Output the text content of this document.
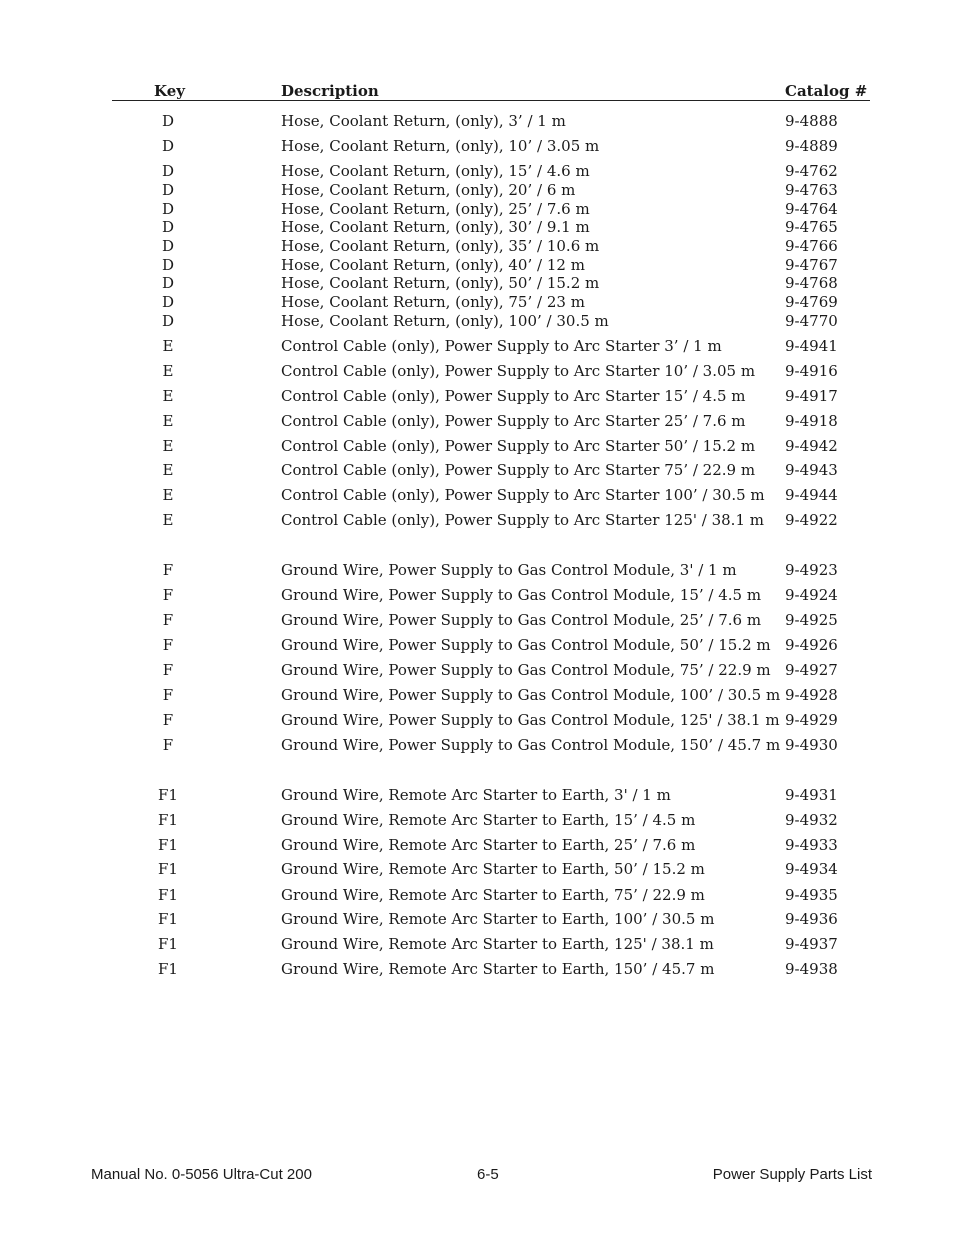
Key	Description	Catalog #
D	Hose, Coolant Return, (only), 3’ / 1 m	9-4888
D	Hose, Coolant Return, (only), 10’ / 3.05 m	9-4889
D	Hose, Coolant Return, (only), 15’ / 4.6 m	9-4762
D	Hose, Coolant Return, (only), 20’ / 6 m	9-4763
D	Hose, Coolant Return, (only), 25’ / 7.6 m	9-4764
D	Hose, Coolant Return, (only), 30’ / 9.1 m	9-4765
D	Hose, Coolant Return, (only), 35’ / 10.6 m	9-4766
D	Hose, Coolant Return, (only), 40’ / 12 m	9-4767
D	Hose, Coolant Return, (only), 50’ / 15.2 m	9-4768
D	Hose, Coolant Return, (only), 75’ / 23 m	9-4769
D	Hose, Coolant Return, (only), 100’ / 30.5 m	9-4770
E	Control Cable (only), Power Supply to Arc Starter 3’ / 1 m	9-4941
E	Control Cable (only), Power Supply to Arc Starter 10’ / 3.05 m 9-4916
E	Control Cable (only), Power Supply to Arc Starter 15’ / 4.5 m	9-4917
E	Control Cable (only), Power Supply to Arc Starter 25’ / 7.6 m	9-4918
E	Control Cable (only), Power Supply to Arc Starter 50’ / 15.2 m 9-4942
E	Control Cable (only), Power Supply to Arc Starter 75’ / 22.9 m 9-4943
E	Control Cable (only), Power Supply to Arc Starter 100’ / 30.5 m 9-4944
E	Control Cable (only), Power Supply to Arc Starter 125' / 38.1 m 9-4922
F	Ground Wire, Power Supply to Gas Control Module, 3' / 1 m	9-4923
F	Ground Wire, Power Supply to Gas Control Module, 15’ / 4.5 m 9-4924
F	Ground Wire, Power Supply to Gas Control Module, 25’ / 7.6 m 9-4925
F	Ground Wire, Power Supply to Gas Control Module, 50’ / 15.2 m 9-4926
F	Ground Wire, Power Supply to Gas Control Module, 75’ / 22.9 m 9-4927
F	Ground Wire, Power Supply to Gas Control Module, 100’ / 30.5 m 9-4928
F	Ground Wire, Power Supply to Gas Control Module, 125' / 38.1 m 9-4929
F	Ground Wire, Power Supply to Gas Control Module, 150’ / 45.7 m 9-4930
F1	Ground Wire, Remote Arc Starter to Earth, 3' / 1 m	9-4931
F1	Ground Wire, Remote Arc Starter to Earth, 15’ / 4.5 m	9-4932
F1	Ground Wire, Remote Arc Starter to Earth, 25’ / 7.6 m	9-4933
F1	Ground Wire, Remote Arc Starter to Earth, 50’ / 15.2 m	9-4934
F1	Ground Wire, Remote Arc Starter to Earth, 75’ / 22.9 m	9-4935
F1	Ground Wire, Remote Arc Starter to Earth, 100’ / 30.5 m	9-4936
F1	Ground Wire, Remote Arc Starter to Earth, 125' / 38.1 m	9-4937
F1	Ground Wire, Remote Arc Starter to Earth, 150’ / 45.7 m	9-4938
Manual No. 0-5056 Ultra-Cut 200	6-5	Power Supply Parts List
